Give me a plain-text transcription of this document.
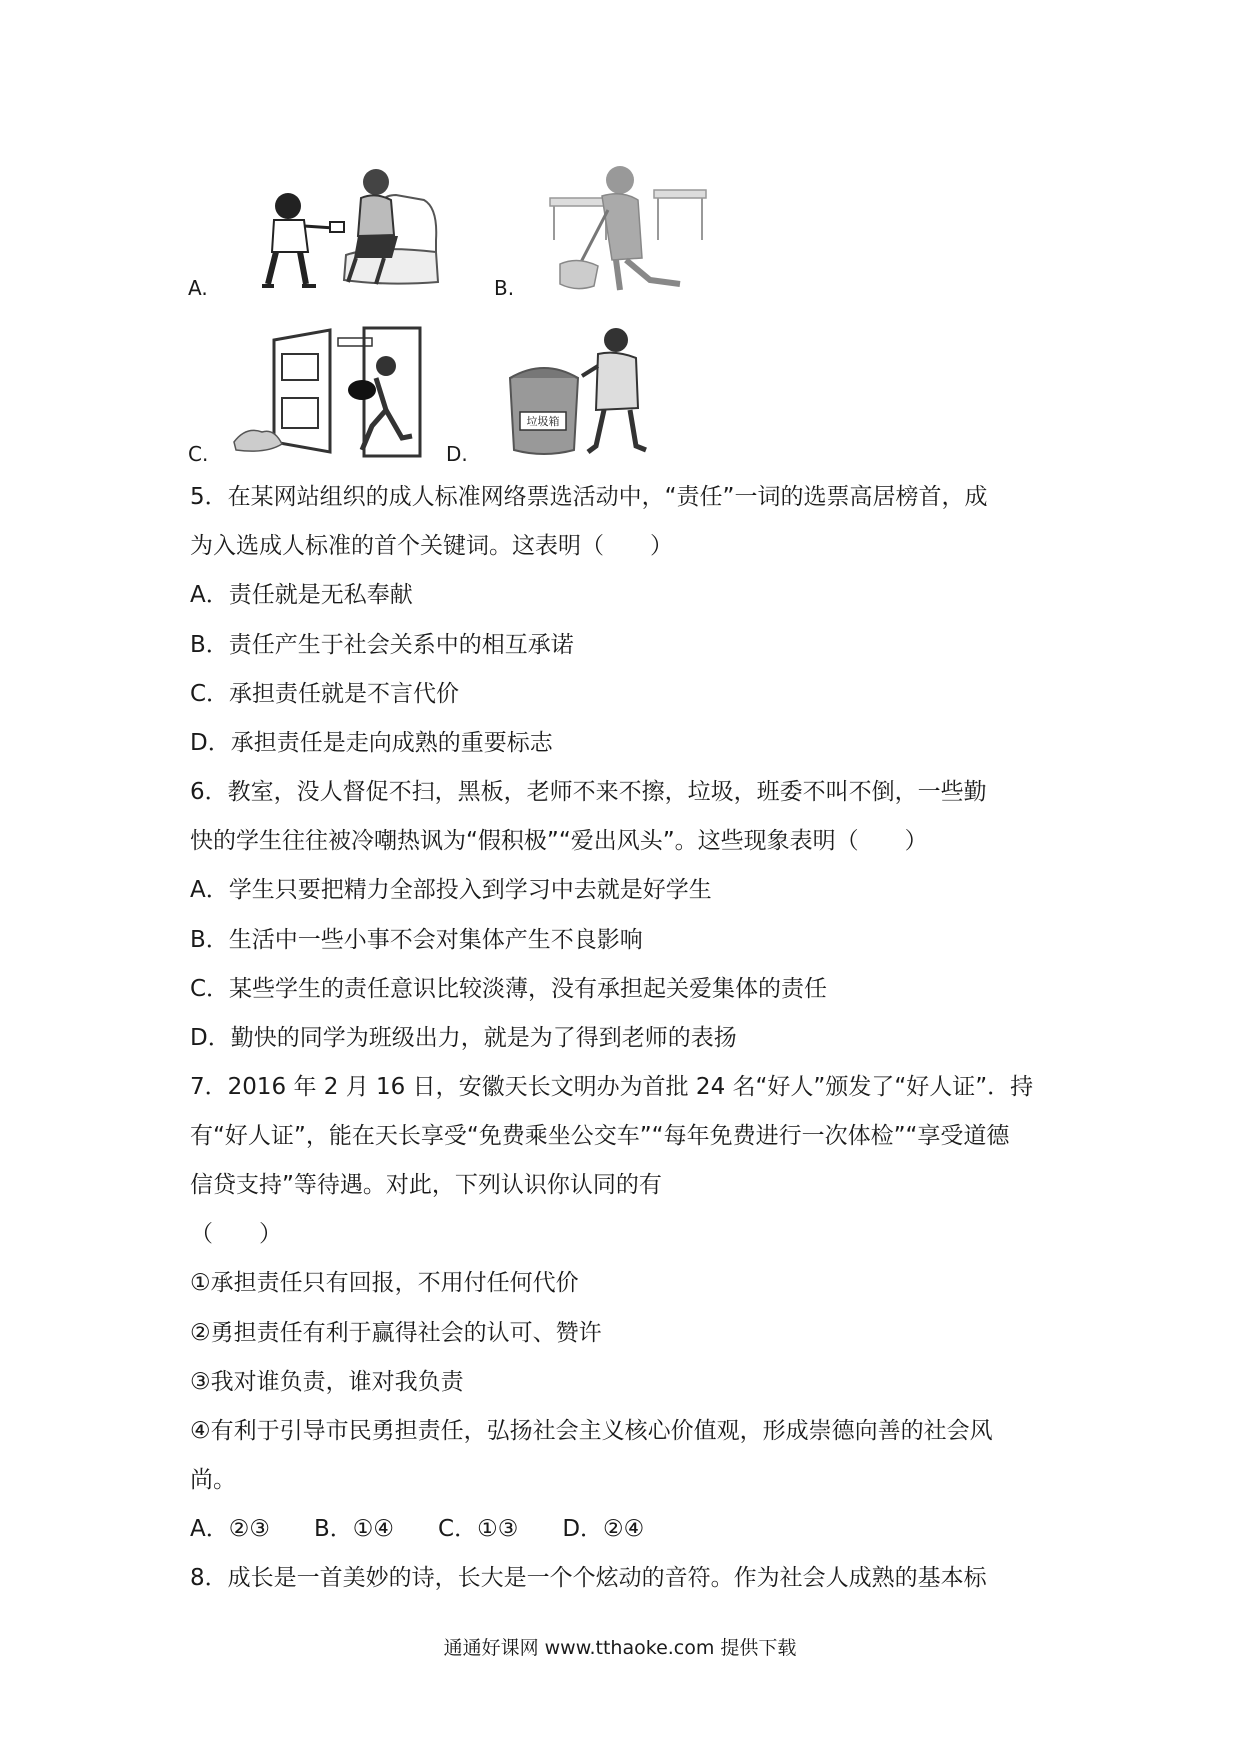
A.	B.
C.	D.
垃圾箱
5．在某网站组织的成人标准网络票选活动中，“责任”一词的选票高居榜首，成
为入选成人标准的首个关键词。这表明（　　）
A．责任就是无私奉献
B．责任产生于社会关系中的相互承诺
C．承担责任就是不言代价
D．承担责任是走向成熟的重要标志
6．教室，没人督促不扫，黑板，老师不来不擦，垃圾，班委不叫不倒，一些勤
快的学生往往被冷嘲热讽为“假积极”“爱出风头”。这些现象表明（　　）
A．学生只要把精力全部投入到学习中去就是好学生
B．生活中一些小事不会对集体产生不良影响
C．某些学生的责任意识比较淡薄，没有承担起关爱集体的责任
D．勤快的同学为班级出力，就是为了得到老师的表扬
7．2016 年 2 月 16 日，安徽天长文明办为首批 24 名“好人”颁发了“好人证”．持
有“好人证”，能在天长享受“免费乘坐公交车”“每年免费进行一次体检”“享受道德
信贷支持”等待遇。对此，下列认识你认同的有
（　　）
①承担责任只有回报，不用付任何代价
②勇担责任有利于赢得社会的认可、赞许
③我对谁负责，谁对我负责
④有利于引导市民勇担责任，弘扬社会主义核心价值观，形成崇德向善的社会风
尚。
A．②③ B．①④ C．①③ D．②④
8．成长是一首美妙的诗，长大是一个个炫动的音符。作为社会人成熟的基本标
通通好课网 www.tthaoke.com 提供下载
